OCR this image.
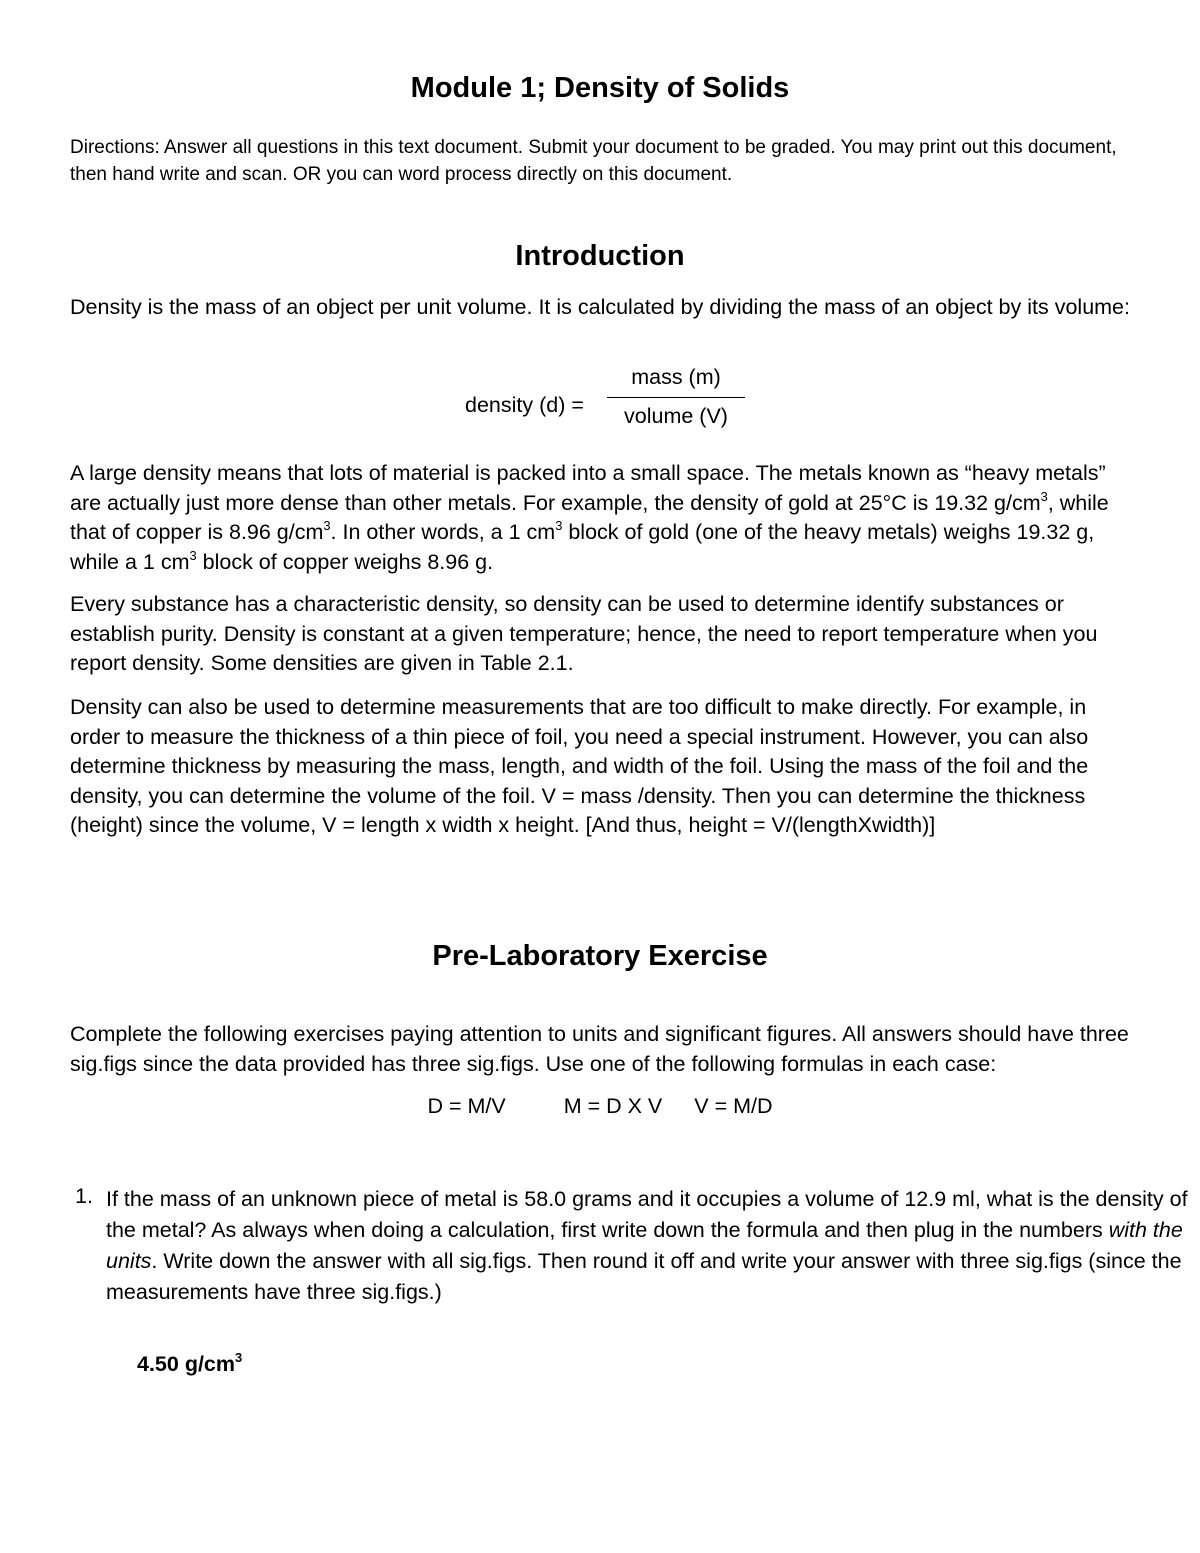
Module 1; Density of Solids

Directions: Answer all questions in this text document. Submit your document to be graded. You may print out this document, then hand write and scan. OR you can word process directly on this document.

Introduction

Density is the mass of an object per unit volume. It is calculated by dividing the mass of an object by its volume:

density (d) =
mass (m)
volume (V)

A large density means that lots of material is packed into a small space. The metals known as “heavy metals” are actually just more dense than other metals. For example, the density of gold at 25°C is 19.32 $g/cm^3$, while that of copper is 8.96 $g/cm^3$. In other words, a 1 $cm^3$ block of gold (one of the heavy metals) weighs 19.32 g, while a 1 $cm^3$ block of copper weighs 8.96 g.

Every substance has a characteristic density, so density can be used to determine identify substances or establish purity. Density is constant at a given temperature; hence, the need to report temperature when you report density. Some densities are given in Table 2.1.

Density can also be used to determine measurements that are too difficult to make directly. For example, in order to measure the thickness of a thin piece of foil, you need a special instrument. However, you can also determine thickness by measuring the mass, length, and width of the foil. Using the mass of the foil and the density, you can determine the volume of the foil. V = mass /density. Then you can determine the thickness (height) since the volume, V = length x width x height. [And thus, height = V/(lengthXwidth)]

Pre-Laboratory Exercise

Complete the following exercises paying attention to units and significant figures. All answers should have three sig.figs since the data provided has three sig.figs. Use one of the following formulas in each case:

D = M/V	M = D X V V = M/D
1. If the mass of an unknown piece of metal is 58.0 grams and it occupies a volume of 12.9 ml, what is the density of the metal? As always when doing a calculation, first write down the formula and then plug in the numbers with the units. Write down the answer with all sig.figs. Then round it off and write your answer with three sig.figs (since the measurements have three sig.figs.)

4.50 $g/cm^3$
